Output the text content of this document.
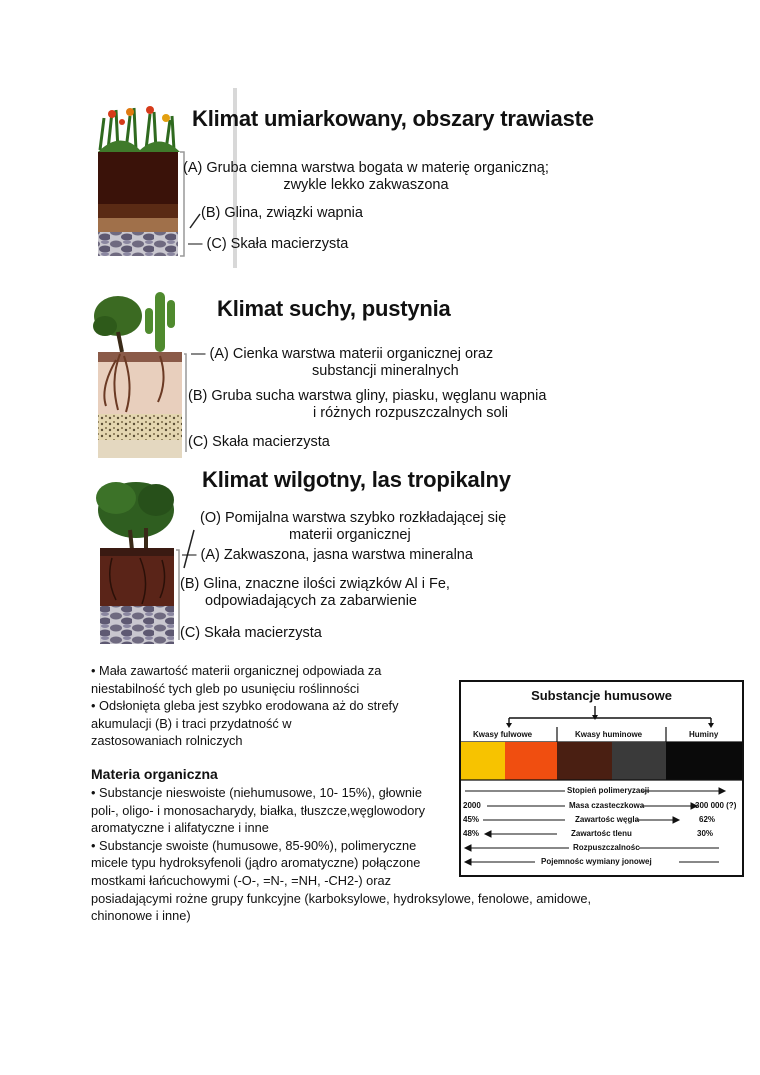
Klimat umiarkowany, obszary trawiaste
(A) Gruba ciemna warstwa bogata w materię organiczną;
zwykle lekko zakwaszona
(B) Glina, związki wapnia
— (C) Skała macierzysta
Klimat suchy, pustynia
— (A) Cienka warstwa materii organicznej oraz
substancji mineralnych
(B) Gruba sucha warstwa gliny, piasku, węglanu wapnia
i różnych rozpuszczalnych soli
(C) Skała macierzysta
Klimat wilgotny, las tropikalny
(O) Pomijalna warstwa szybko rozkładającej się
materii organicznej
— (A) Zakwaszona, jasna warstwa mineralna
(B) Glina, znaczne ilości związków Al i Fe,
odpowiadających za zabarwienie
(C) Skała macierzysta
• Mała zawartość materii organicznej odpowiada za
niestabilność tych gleb po usunięciu roślinności
• Odsłonięta gleba jest szybko erodowana aż do strefy
akumulacji (B) i traci przydatność w
zastosowaniach rolniczych
Materia organiczna
• Substancje nieswoiste (niehumusowe, 10- 15%), głownie
poli-, oligo- i monosacharydy, białka, tłuszcze,węglowodory
aromatyczne i alifatyczne i inne
• Substancje swoiste (humusowe, 85-90%), polimeryczne
micele typu hydroksyfenoli (jądro aromatyczne) połączone
mostkami łańcuchowymi (-O-, =N-, =NH, -CH2-) oraz
posiadającymi rożne grupy funkcyjne (karboksylowe, hydroksylowe, fenolowe, amidowe,
chinonowe i inne)
Substancje humusowe
Kwasy fulwowe	Kwasy huminowe	Huminy
Stopień polimeryzacji
2000	Masa czasteczkowa	300 000 (?)
45%	Zawartośc węgla	62%
48%	Zawartośc tlenu	30%
Rozpuszczalnośc
Pojemnośc wymiany jonowej
